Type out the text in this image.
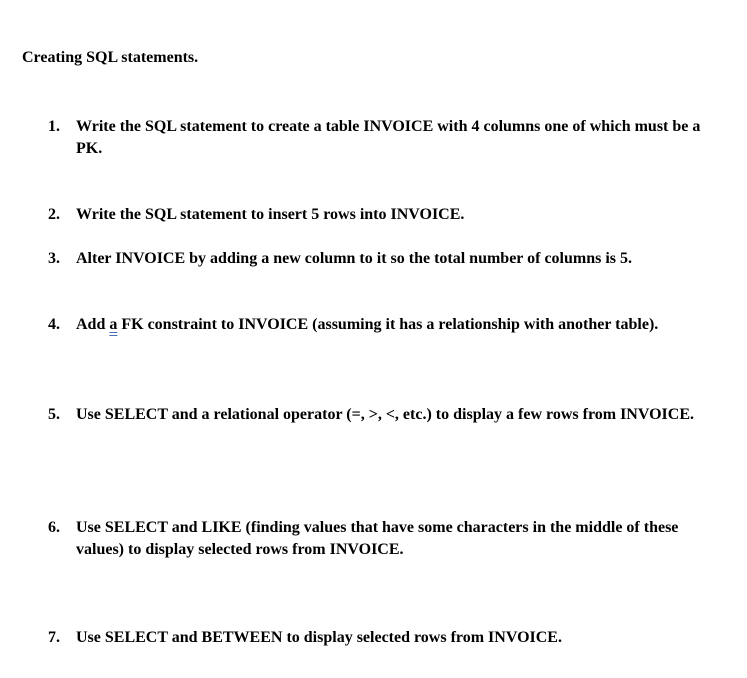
Creating SQL statements.
1.	Write the SQL statement to create a table INVOICE with 4 columns one of which must be a PK.
2.	Write the SQL statement to insert 5 rows into INVOICE.
3.	Alter INVOICE by adding a new column to it so the total number of columns is 5.
4.	Add a FK constraint to INVOICE (assuming it has a relationship with another table).
5.	Use SELECT and a relational operator (=, >, <, etc.) to display a few rows from INVOICE.
6.	Use SELECT and LIKE (finding values that have some characters in the middle of these values) to display selected rows from INVOICE.
7.	Use SELECT and BETWEEN to display selected rows from INVOICE.
